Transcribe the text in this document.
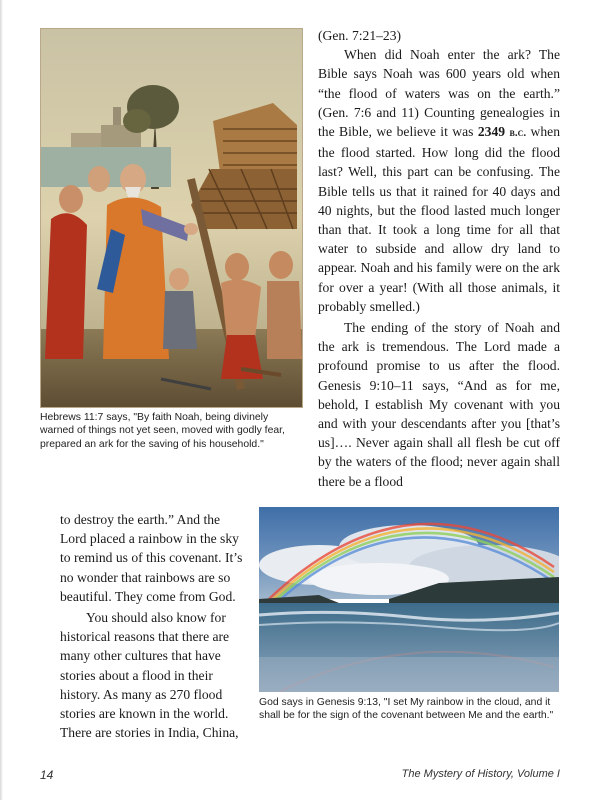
Hebrews 11:7 says, "By faith Noah, being divinely warned of things not yet seen, moved with godly fear, prepared an ark for the saving of his household."
(Gen. 7:21–23)

When did Noah enter the ark? The Bible says Noah was 600 years old when “the flood of waters was on the earth.” (Gen. 7:6 and 11) Counting genealogies in the Bible, we believe it was 2349 b.c. when the flood started. How long did the flood last? Well, this part can be confusing. The Bible tells us that it rained for 40 days and 40 nights, but the flood lasted much longer than that. It took a long time for all that water to subside and allow dry land to appear. Noah and his family were on the ark for over a year! (With all those animals, it probably smelled.)

The ending of the story of Noah and the ark is tremendous. The Lord made a profound promise to us after the flood. Genesis 9:10–11 says, “And as for me, behold, I establish My covenant with you and with your descendants after you [that’s us]…. Never again shall all flesh be cut off by the waters of the flood; never again shall there be a flood

to destroy the earth.” And the Lord placed a rainbow in the sky to remind us of this covenant. It’s no wonder that rainbows are so beautiful. They come from God.

You should also know for historical reasons that there are many other cultures that have stories about a flood in their history. As many as 270 flood stories are known in the world. There are stories in India, China,

God says in Genesis 9:13, "I set My rainbow in the cloud, and it shall be for the sign of the covenant between Me and the earth."
14	The Mystery of History, Volume I
